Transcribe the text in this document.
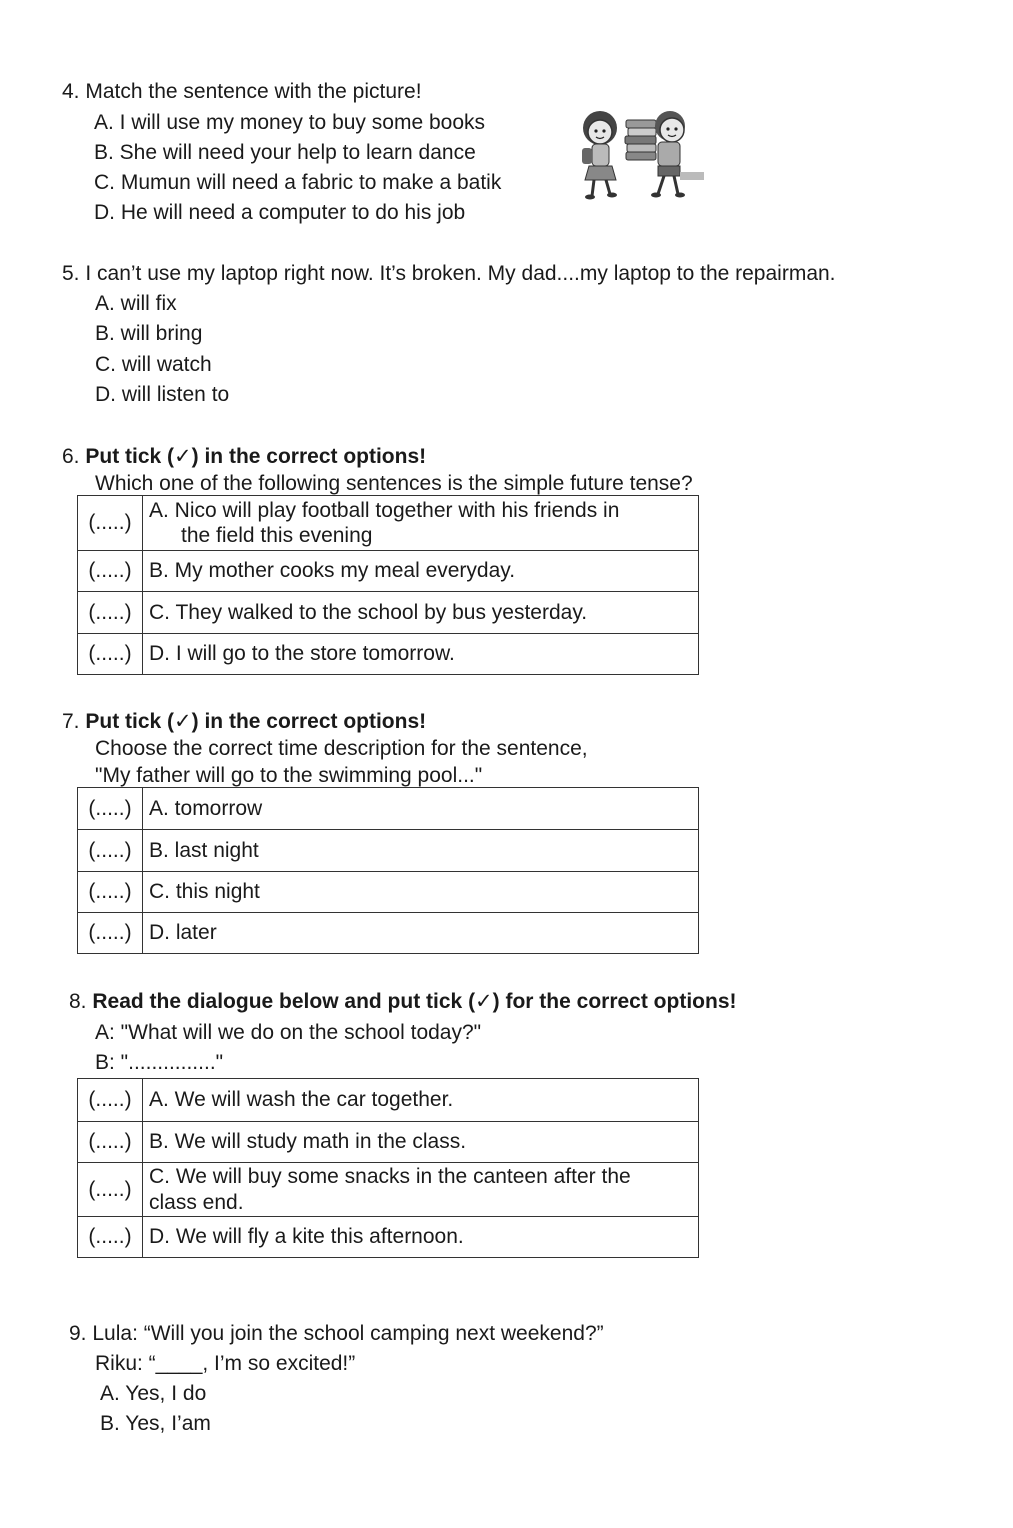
4. Match the sentence with the picture!
A. I will use my money to buy some books
B. She will need your help to learn dance
C. Mumun will need a fabric to make a batik
D. He will need a computer to do his job
5. I can’t use my laptop right now. It’s broken. My dad....my laptop to the repairman.
A. will fix
B. will bring
C. will watch
D. will listen to
6. Put tick (✓) in the correct options!
Which one of the following sentences is the simple future tense?
(.....)	A. Nico will play football together with his friends in
the field this evening

(.....)	B. My mother cooks my meal everyday.
(.....)	C. They walked to the school by bus yesterday.
(.....)	D. I will go to the store tomorrow.
7. Put tick (✓) in the correct options!
Choose the correct time description for the sentence,
"My father will go to the swimming pool..."
(.....)	A. tomorrow
(.....)	B. last night
(.....)	C. this night
(.....)	D. later
8. Read the dialogue below and put tick (✓) for the correct options!
A: "What will we do on the school today?"
B: "..............."
(.....)	A. We will wash the car together.
(.....)	B. We will study math in the class.
(.....)	C. We will buy some snacks in the canteen after the
class end.
(.....)	D. We will fly a kite this afternoon.
9. Lula: “Will you join the school camping next weekend?”
Riku: “____, I’m so excited!”
A. Yes, I do
B. Yes, I’am
